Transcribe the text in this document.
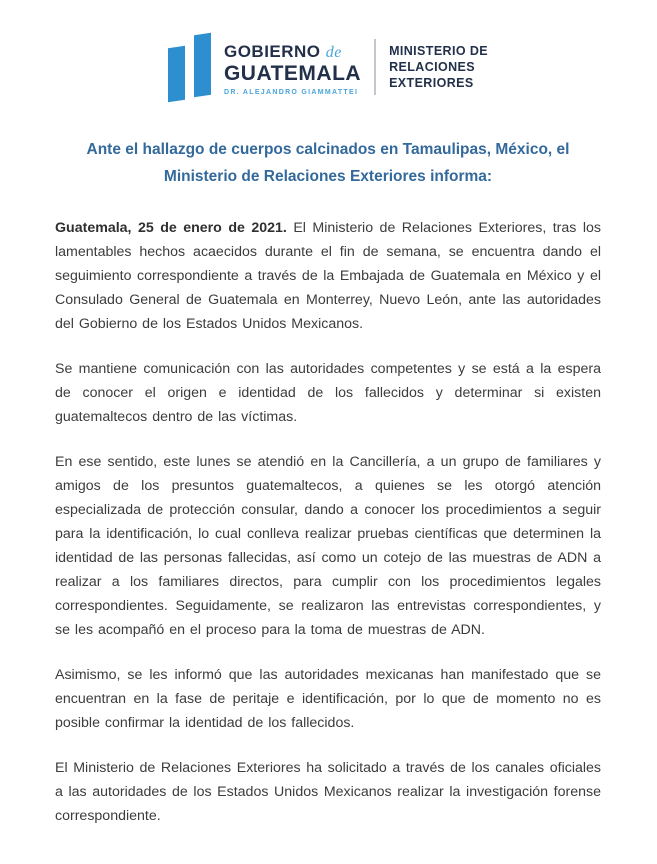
GOBIERNO de
GUATEMALA
DR. ALEJANDRO GIAMMATTEI
MINISTERIO DE
RELACIONES
EXTERIORES
Ante el hallazgo de cuerpos calcinados en Tamaulipas, México, el Ministerio de Relaciones Exteriores informa:

Guatemala, 25 de enero de 2021. El Ministerio de Relaciones Exteriores, tras los lamentables hechos acaecidos durante el fin de semana, se encuentra dando el seguimiento correspondiente a través de la Embajada de Guatemala en México y el Consulado General de Guatemala en Monterrey, Nuevo León, ante las autoridades del Gobierno de los Estados Unidos Mexicanos.

Se mantiene comunicación con las autoridades competentes y se está a la espera de conocer el origen e identidad de los fallecidos y determinar si existen guatemaltecos dentro de las víctimas.

En ese sentido, este lunes se atendió en la Cancillería, a un grupo de familiares y amigos de los presuntos guatemaltecos, a quienes se les otorgó atención especializada de protección consular, dando a conocer los procedimientos a seguir para la identificación, lo cual conlleva realizar pruebas científicas que determinen la identidad de las personas fallecidas, así como un cotejo de las muestras de ADN a realizar a los familiares directos, para cumplir con los procedimientos legales correspondientes. Seguidamente, se realizaron las entrevistas correspondientes, y se les acompañó en el proceso para la toma de muestras de ADN.

Asimismo, se les informó que las autoridades mexicanas han manifestado que se encuentran en la fase de peritaje e identificación, por lo que de momento no es posible confirmar la identidad de los fallecidos.

El Ministerio de Relaciones Exteriores ha solicitado a través de los canales oficiales a las autoridades de los Estados Unidos Mexicanos realizar la investigación forense correspondiente.
